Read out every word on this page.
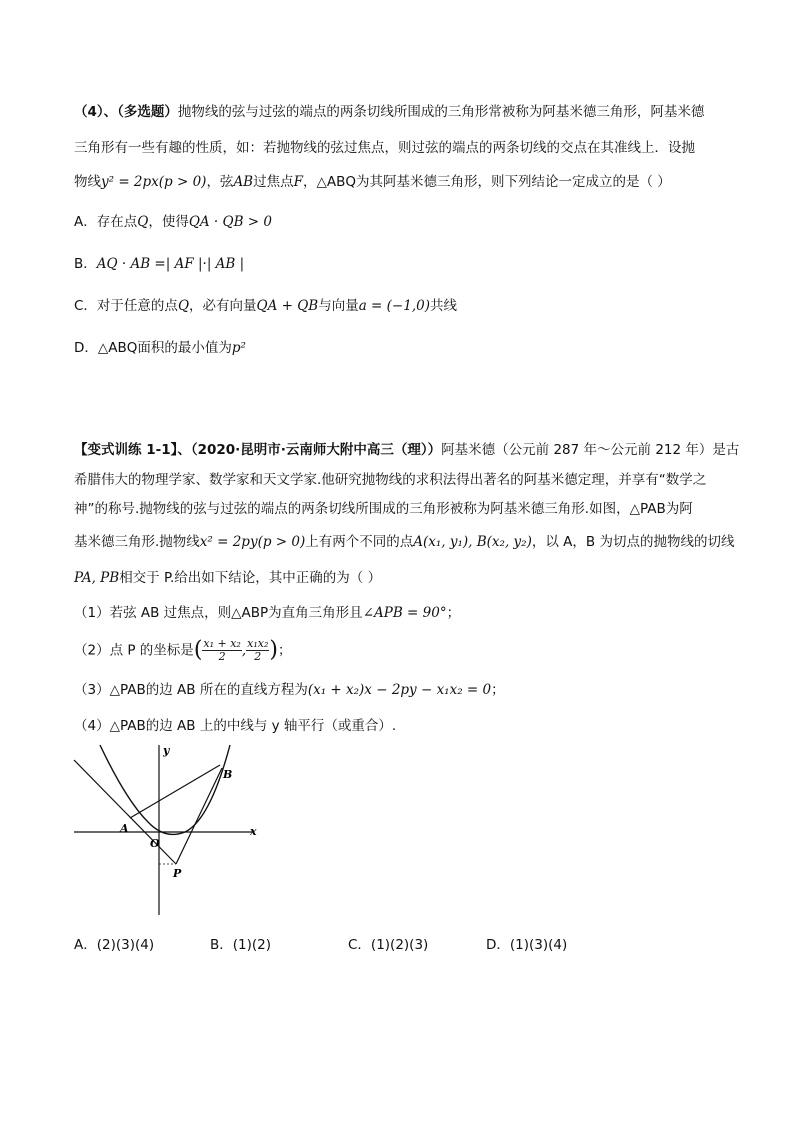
（4）、（多选题）抛物线的弦与过弦的端点的两条切线所围成的三角形常被称为阿基米德三角形，阿基米德
三角形有一些有趣的性质，如：若抛物线的弦过焦点，则过弦的端点的两条切线的交点在其准线上．设抛
物线y² = 2px(p > 0)，弦AB过焦点F，△ABQ为其阿基米德三角形，则下列结论一定成立的是（ ）
A．存在点Q，使得QA · QB > 0
B．AQ · AB =| AF |·| AB |
C．对于任意的点Q，必有向量QA + QB与向量a = (−1,0)共线
D．△ABQ面积的最小值为p²
【变式训练 1-1】、（2020·昆明市·云南师大附中高三（理））阿基米德（公元前 287 年～公元前 212 年）是古
希腊伟大的物理学家、数学家和天文学家.他研究抛物线的求积法得出著名的阿基米德定理，并享有“数学之
神”的称号.抛物线的弦与过弦的端点的两条切线所围成的三角形被称为阿基米德三角形.如图，△PAB为阿
基米德三角形.抛物线x² = 2py(p > 0)上有两个不同的点A(x₁, y₁), B(x₂, y₂)，以 A，B 为切点的抛物线的切线
PA, PB相交于 P.给出如下结论，其中正确的为（ ）
（1）若弦 AB 过焦点，则△ABP为直角三角形且∠APB = 90°；
（2）点 P 的坐标是( $\frac{\text{x₁ + x₂}}{2}$ , $\frac{\text{x₁x₂}}{2}$ )；
（3）△PAB的边 AB 所在的直线方程为(x₁ + x₂)x − 2py − x₁x₂ = 0；
（4）△PAB的边 AB 上的中线与 y 轴平行（或重合）.
y
x
A
B
O
P
A．(2)(3)(4)	B．(1)(2)	C．(1)(2)(3)	D．(1)(3)(4)
